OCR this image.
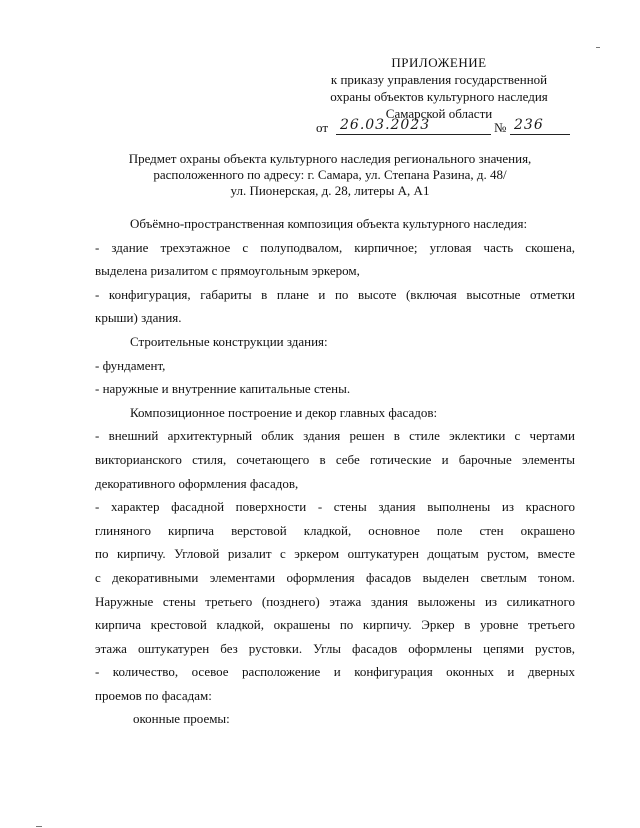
ПРИЛОЖЕНИЕ
к приказу управления государственной
охраны объектов культурного наследия
Самарской области
от 26.03.2023	№ 236
Предмет охраны объекта культурного наследия регионального значения,
расположенного по адресу: г. Самара, ул. Степана Разина, д. 48/
ул. Пионерская, д. 28, литеры А, А1

Объёмно-пространственная композиция объекта культурного наследия:

- здание трехэтажное с полуподвалом, кирпичное; угловая часть скошена,

выделена ризалитом с прямоугольным эркером,

- конфигурация, габариты в плане и по высоте (включая высотные отметки

крыши) здания.

Строительные конструкции здания:

- фундамент,

- наружные и внутренние капитальные стены.

Композиционное построение и декор главных фасадов:

- внешний архитектурный облик здания решен в стиле эклектики с чертами

викторианского стиля, сочетающего в себе готические и барочные элементы

декоративного оформления фасадов,

- характер фасадной поверхности - стены здания выполнены из красного

глиняного кирпича верстовой кладкой, основное поле стен окрашено

по кирпичу. Угловой ризалит с эркером оштукатурен дощатым рустом, вместе

с декоративными элементами оформления фасадов выделен светлым тоном.

Наружные стены третьего (позднего) этажа здания выложены из силикатного

кирпича крестовой кладкой, окрашены по кирпичу. Эркер в уровне третьего

этажа оштукатурен без рустовки. Углы фасадов оформлены цепями рустов,

- количество, осевое расположение и конфигурация оконных и дверных

проемов по фасадам:

оконные проемы:
